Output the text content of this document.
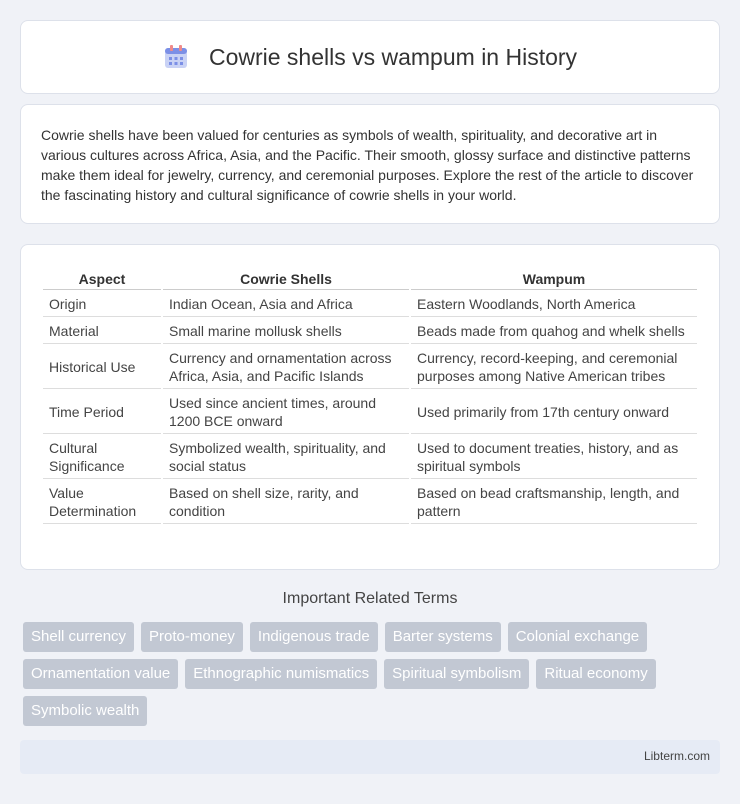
Cowrie shells vs wampum in History

Cowrie shells have been valued for centuries as symbols of wealth, spirituality, and decorative art in various cultures across Africa, Asia, and the Pacific. Their smooth, glossy surface and distinctive patterns make them ideal for jewelry, currency, and ceremonial purposes. Explore the rest of the article to discover the fascinating history and cultural significance of cowrie shells in your world.

Aspect	Cowrie Shells	Wampum
Origin	Indian Ocean, Asia and Africa	Eastern Woodlands, North America
Material	Small marine mollusk shells	Beads made from quahog and whelk shells
Historical Use	Currency and ornamentation across Africa, Asia, and Pacific Islands	Currency, record-keeping, and ceremonial purposes among Native American tribes
Time Period	Used since ancient times, around 1200 BCE onward	Used primarily from 17th century onward
Cultural Significance	Symbolized wealth, spirituality, and social status	Used to document treaties, history, and as spiritual symbols
Value Determination	Based on shell size, rarity, and condition	Based on bead craftsmanship, length, and pattern
Important Related Terms
Shell currency	Proto-money	Indigenous trade	Barter systems	Colonial exchange
Ornamentation value	Ethnographic numismatics	Spiritual symbolism	Ritual economy
Symbolic wealth
Libterm.com
